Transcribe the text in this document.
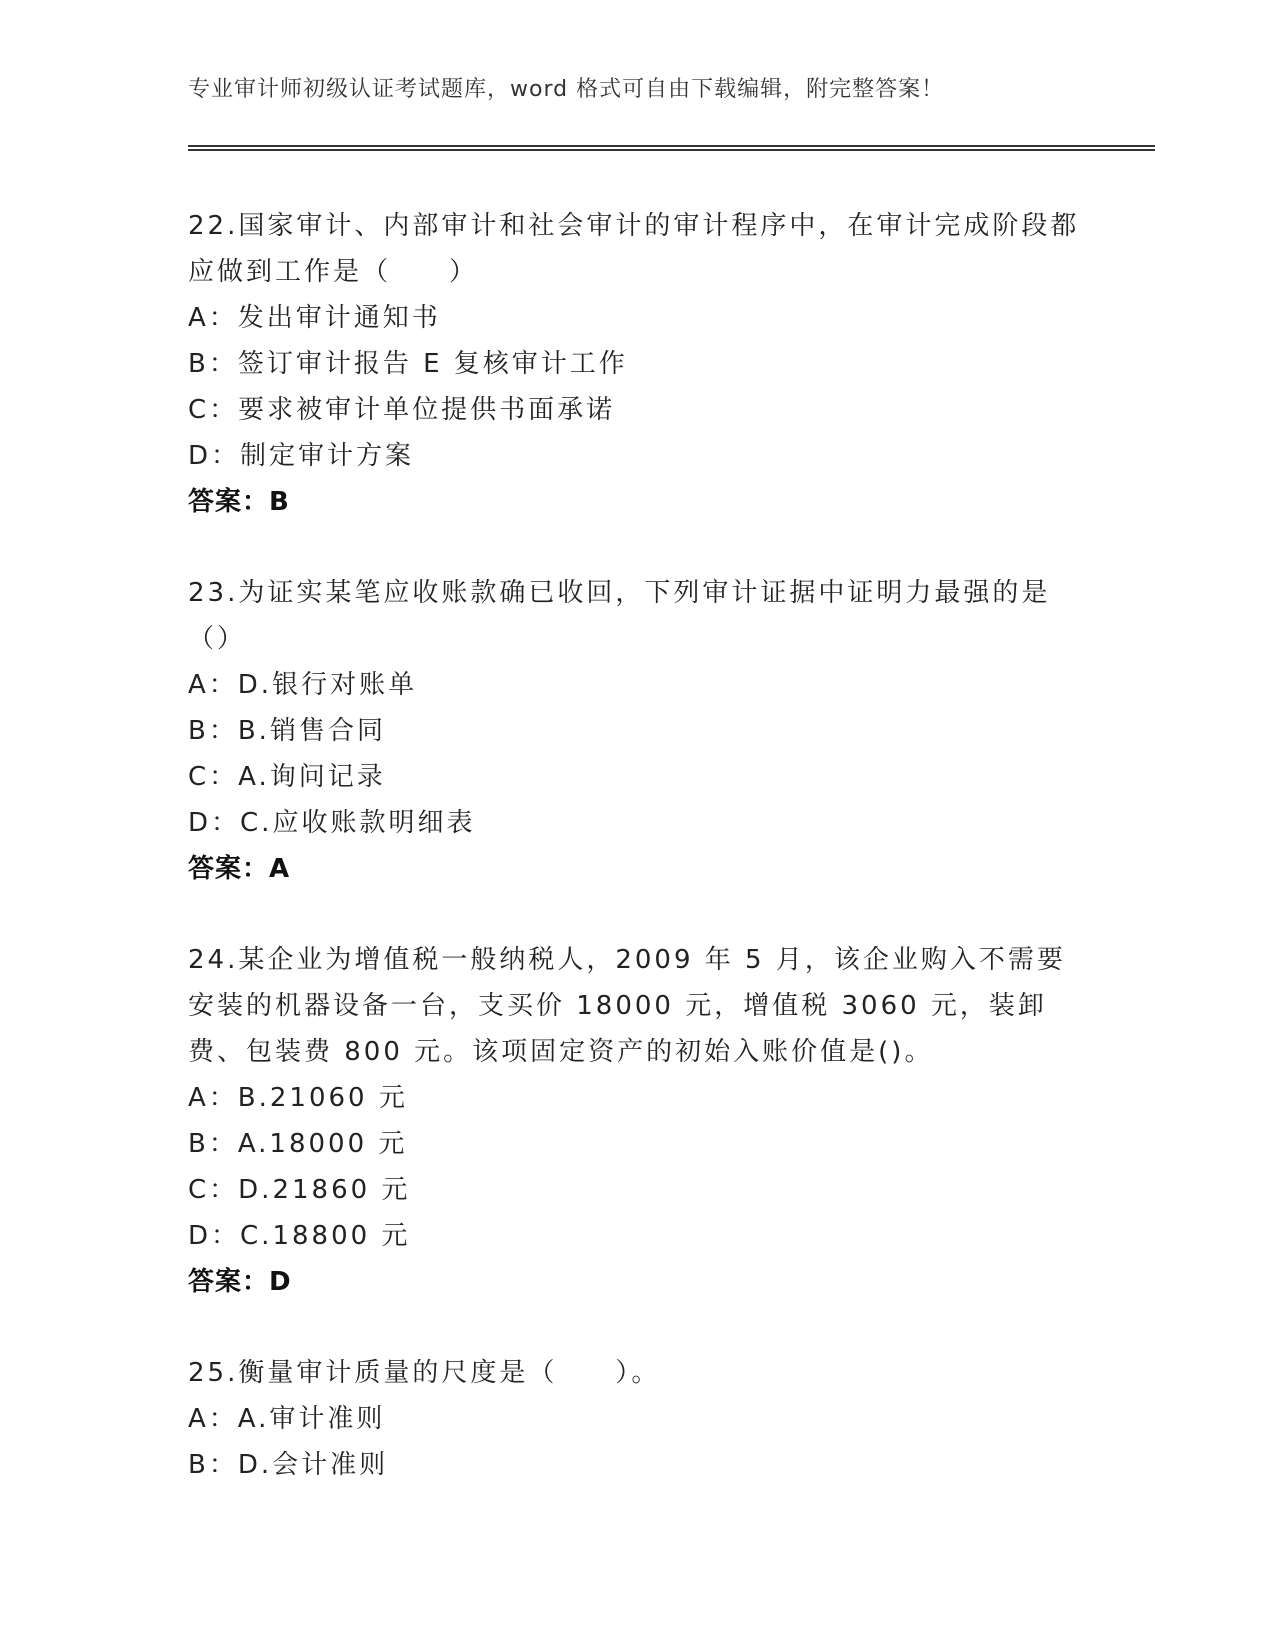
专业审计师初级认证考试题库，word 格式可自由下载编辑，附完整答案！
22.国家审计、内部审计和社会审计的审计程序中，在审计完成阶段都应做到工作是（　　）
A：发出审计通知书
B：签订审计报告 E 复核审计工作
C：要求被审计单位提供书面承诺
D：制定审计方案
答案：B
23.为证实某笔应收账款确已收回，下列审计证据中证明力最强的是（）
A：D.银行对账单
B：B.销售合同
C：A.询问记录
D：C.应收账款明细表
答案：A
24.某企业为增值税一般纳税人，2009 年 5 月，该企业购入不需要安装的机器设备一台，支买价 18000 元，增值税 3060 元，装卸费、包装费 800 元。该项固定资产的初始入账价值是()。
A：B.21060 元
B：A.18000 元
C：D.21860 元
D：C.18800 元
答案：D
25.衡量审计质量的尺度是（　　）。
A：A.审计准则
B：D.会计准则
